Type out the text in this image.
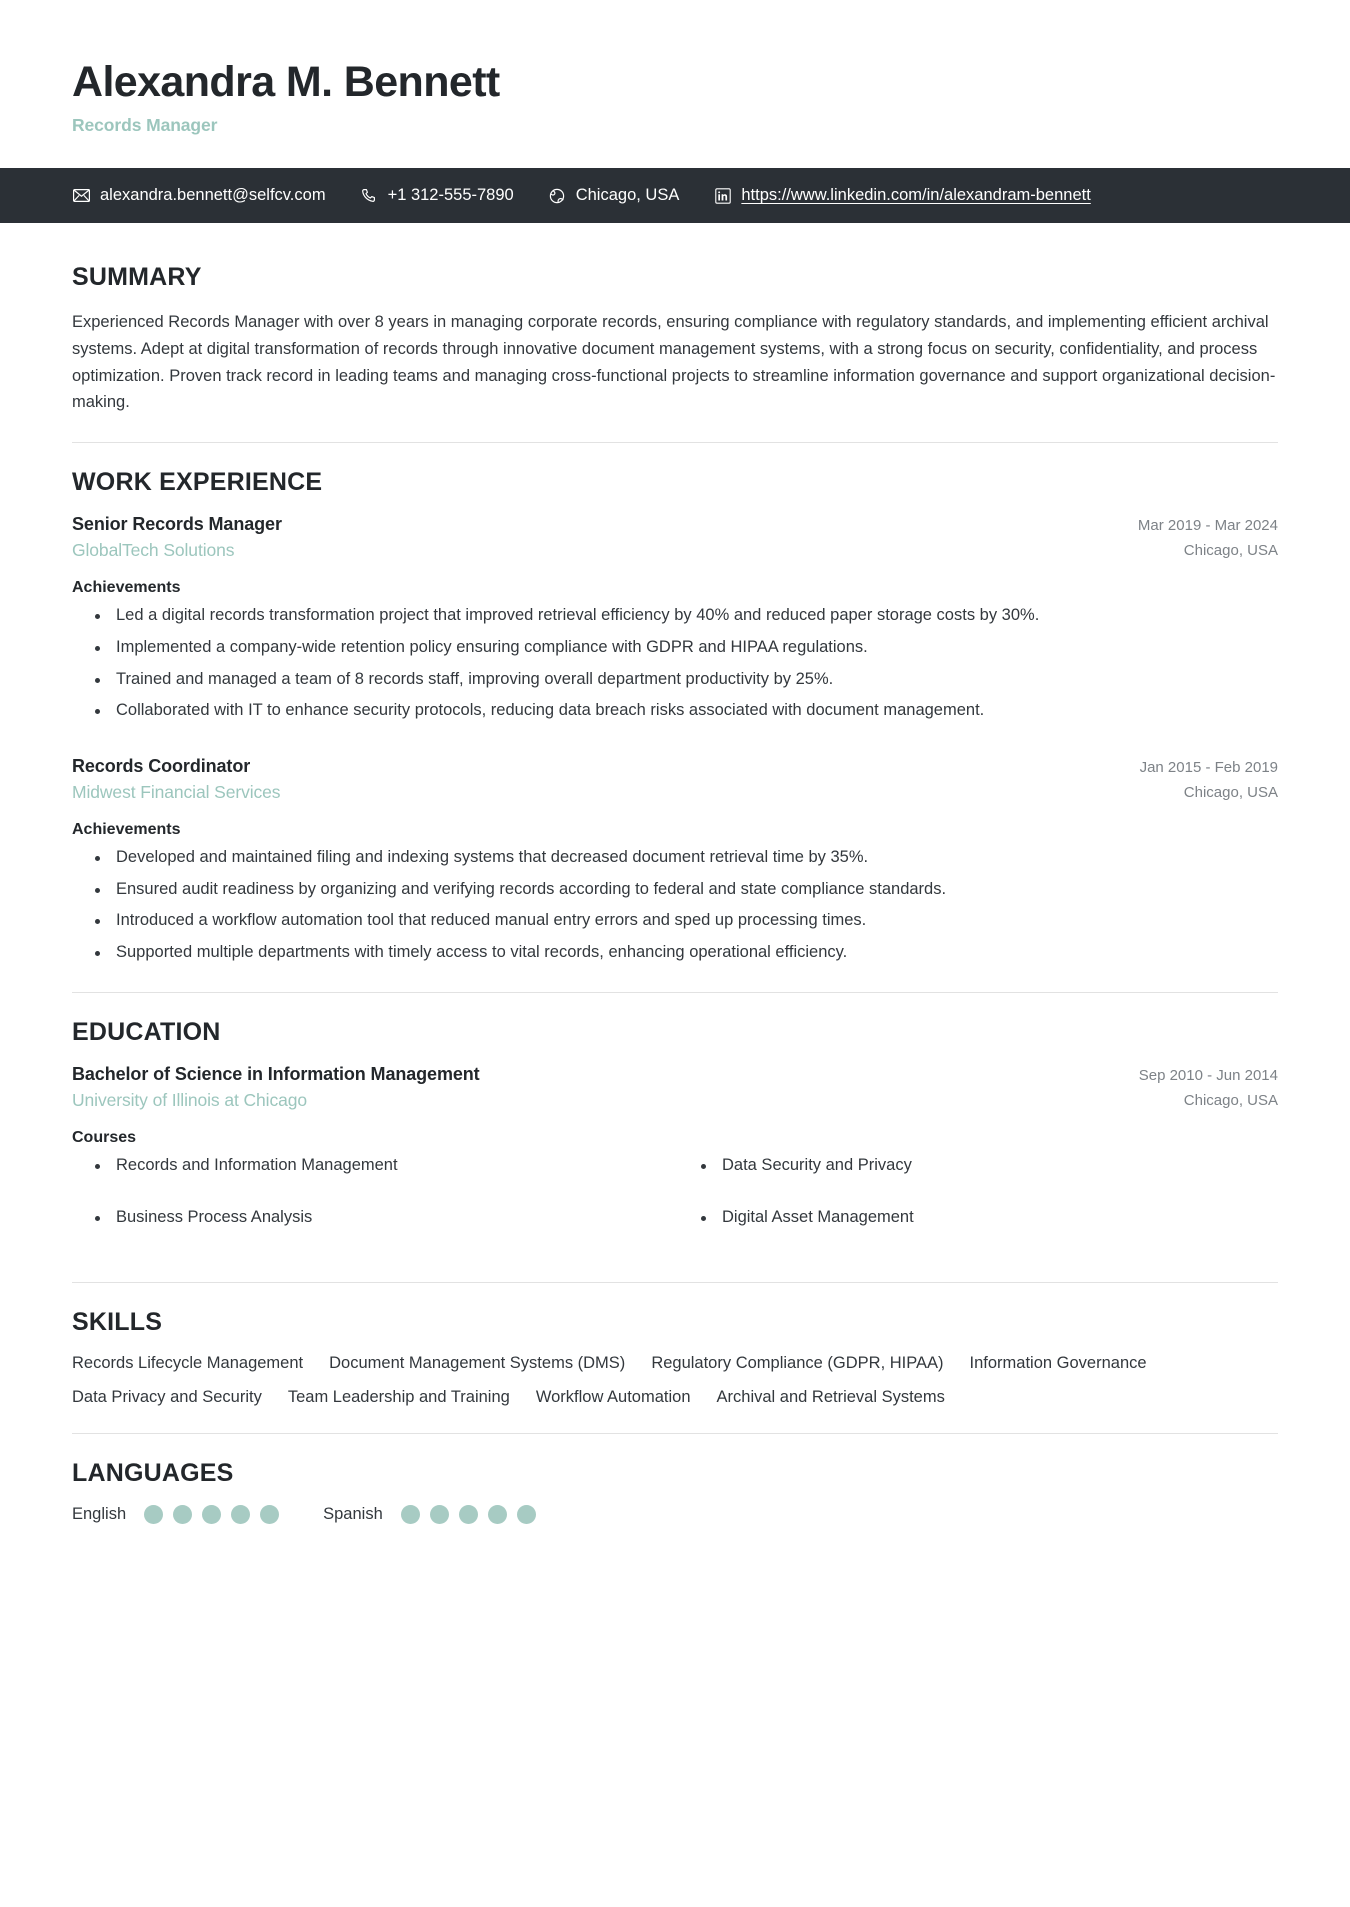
Alexandra M. Bennett
Records Manager
alexandra.bennett@selfcv.com	+1 312-555-7890	Chicago, USA	https://www.linkedin.com/in/alexandram-bennett
SUMMARY
Experienced Records Manager with over 8 years in managing corporate records, ensuring compliance with regulatory standards, and implementing efficient archival systems. Adept at digital transformation of records through innovative document management systems, with a strong focus on security, confidentiality, and process optimization. Proven track record in leading teams and managing cross-functional projects to streamline information governance and support organizational decision-making.
WORK EXPERIENCE
Senior Records Manager
GlobalTech Solutions
Mar 2019 - Mar 2024
Chicago, USA
Achievements
Led a digital records transformation project that improved retrieval efficiency by 40% and reduced paper storage costs by 30%.
Implemented a company-wide retention policy ensuring compliance with GDPR and HIPAA regulations.
Trained and managed a team of 8 records staff, improving overall department productivity by 25%.
Collaborated with IT to enhance security protocols, reducing data breach risks associated with document management.
Records Coordinator
Midwest Financial Services
Jan 2015 - Feb 2019
Chicago, USA
Achievements
Developed and maintained filing and indexing systems that decreased document retrieval time by 35%.
Ensured audit readiness by organizing and verifying records according to federal and state compliance standards.
Introduced a workflow automation tool that reduced manual entry errors and sped up processing times.
Supported multiple departments with timely access to vital records, enhancing operational efficiency.
EDUCATION
Bachelor of Science in Information Management
University of Illinois at Chicago
Sep 2010 - Jun 2014
Chicago, USA
Courses
Records and Information Management	Data Security and Privacy
Business Process Analysis	Digital Asset Management
SKILLS
Records Lifecycle Management Document Management Systems (DMS) Regulatory Compliance (GDPR, HIPAA) Information Governance
Data Privacy and Security Team Leadership and Training Workflow Automation Archival and Retrieval Systems
LANGUAGES
English	Spanish
